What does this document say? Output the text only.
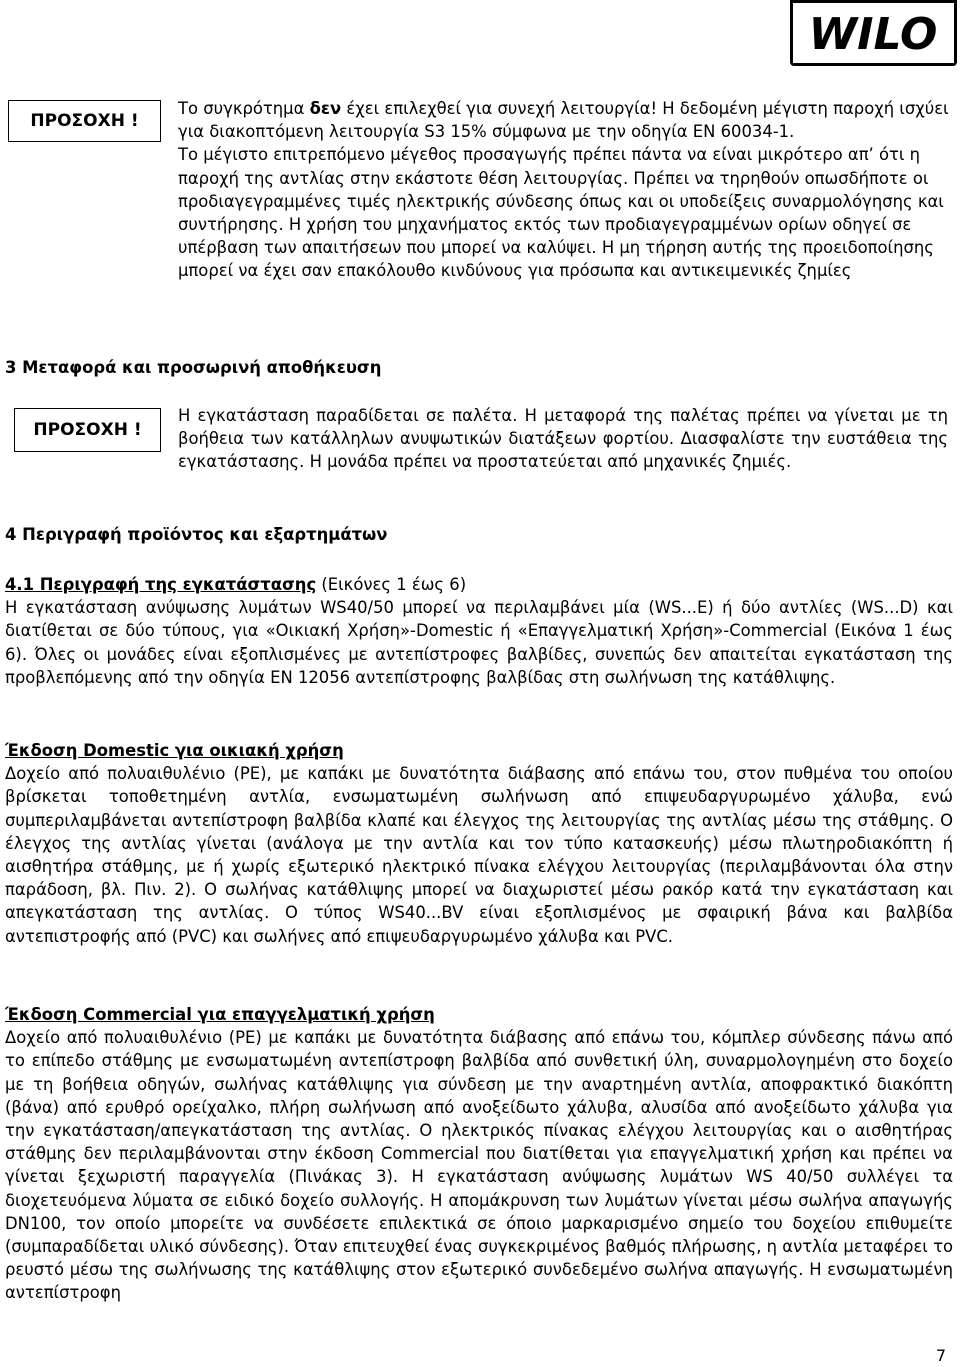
WILO
ΠΡΟΣΟΧΗ !

Το συγκρότημα δεν έχει επιλεχθεί για συνεχή λειτουργία! Η δεδομένη μέγιστη παροχή ισχύει για διακοπτόμενη λειτουργία S3 15% σύμφωνα με την οδηγία EN 60034-1.

Το μέγιστο επιτρεπόμενο μέγεθος προσαγωγής πρέπει πάντα να είναι μικρότερο απ’ ότι η παροχή της αντλίας στην εκάστοτε θέση λειτουργίας. Πρέπει να τηρηθούν οπωσδήποτε οι προδιαγεγραμμένες τιμές ηλεκτρικής σύνδεσης όπως και οι υποδείξεις συναρμολόγησης και συντήρησης. Η χρήση του μηχανήματος εκτός των προδιαγεγραμμένων ορίων οδηγεί σε υπέρβαση των απαιτήσεων που μπορεί να καλύψει. Η μη τήρηση αυτής της προειδοποίησης μπορεί να έχει σαν επακόλουθο κινδύνους για πρόσωπα και αντικειμενικές ζημίες

3 Μεταφορά και προσωρινή αποθήκευση
ΠΡΟΣΟΧΗ !

Η εγκατάσταση παραδίδεται σε παλέτα. Η μεταφορά της παλέτας πρέπει να γίνεται με τη βοήθεια των κατάλληλων ανυψωτικών διατάξεων φορτίου. Διασφαλίστε την ευστάθεια της εγκατάστασης. Η μονάδα πρέπει να προστατεύεται από μηχανικές ζημιές.

4 Περιγραφή προϊόντος και εξαρτημάτων

4.1 Περιγραφή της εγκατάστασης (Εικόνες 1 έως 6)

Η εγκατάσταση ανύψωσης λυμάτων WS40/50 μπορεί να περιλαμβάνει μία (WS...E) ή δύο αντλίες (WS...D) και διατίθεται σε δύο τύπους, για «Οικιακή Χρήση»-Domestic ή «Επαγγελματική Χρήση»-Commercial (Εικόνα 1 έως 6). Όλες οι μονάδες είναι εξοπλισμένες με αντεπίστροφες βαλβίδες, συνεπώς δεν απαιτείται εγκατάσταση της προβλεπόμενης από την οδηγία EN 12056 αντεπίστροφης βαλβίδας στη σωλήνωση της κατάθλιψης.

Έκδοση Domestic για οικιακή χρήση

Δοχείο από πολυαιθυλένιο (PE), με καπάκι με δυνατότητα διάβασης από επάνω του, στον πυθμένα του οποίου βρίσκεται τοποθετημένη αντλία, ενσωματωμένη σωλήνωση από επιψευδαργυρωμένο χάλυβα, ενώ συμπεριλαμβάνεται αντεπίστροφη βαλβίδα κλαπέ και έλεγχος της λειτουργίας της αντλίας μέσω της στάθμης. Ο έλεγχος της αντλίας γίνεται (ανάλογα με την αντλία και τον τύπο κατασκευής) μέσω πλωτηροδιακόπτη ή αισθητήρα στάθμης, με ή χωρίς εξωτερικό ηλεκτρικό πίνακα ελέγχου λειτουργίας (περιλαμβάνονται όλα στην παράδοση, βλ. Πιν. 2). Ο σωλήνας κατάθλιψης μπορεί να διαχωριστεί μέσω ρακόρ κατά την εγκατάσταση και απεγκατάσταση της αντλίας. Ο τύπος WS40...BV είναι εξοπλισμένος με σφαιρική βάνα και βαλβίδα αντεπιστροφής από (PVC) και σωλήνες από επιψευδαργυρωμένο χάλυβα και PVC.

Έκδοση Commercial για επαγγελματική χρήση

Δοχείο από πολυαιθυλένιο (PE) με καπάκι με δυνατότητα διάβασης από επάνω του, κόμπλερ σύνδεσης πάνω από το επίπεδο στάθμης με ενσωματωμένη αντεπίστροφη βαλβίδα από συνθετική ύλη, συναρμολογημένη στο δοχείο με τη βοήθεια οδηγών, σωλήνας κατάθλιψης για σύνδεση με την αναρτημένη αντλία, αποφρακτικό διακόπτη (βάνα) από ερυθρό ορείχαλκο, πλήρη σωλήνωση από ανοξείδωτο χάλυβα, αλυσίδα από ανοξείδωτο χάλυβα για την εγκατάσταση/απεγκατάσταση της αντλίας. Ο ηλεκτρικός πίνακας ελέγχου λειτουργίας και ο αισθητήρας στάθμης δεν περιλαμβάνονται στην έκδοση Commercial που διατίθεται για επαγγελματική χρήση και πρέπει να γίνεται ξεχωριστή παραγγελία (Πινάκας 3). Η εγκατάσταση ανύψωσης λυμάτων WS 40/50 συλλέγει τα διοχετευόμενα λύματα σε ειδικό δοχείο συλλογής. Η απομάκρυνση των λυμάτων γίνεται μέσω σωλήνα απαγωγής DN100, τον οποίο μπορείτε να συνδέσετε επιλεκτικά σε όποιο μαρκαρισμένο σημείο του δοχείου επιθυμείτε (συμπαραδίδεται υλικό σύνδεσης). Όταν επιτευχθεί ένας συγκεκριμένος βαθμός πλήρωσης, η αντλία μεταφέρει το ρευστό μέσω της σωλήνωσης της κατάθλιψης στον εξωτερικό συνδεδεμένο σωλήνα απαγωγής. Η ενσωματωμένη αντεπίστροφη

7
